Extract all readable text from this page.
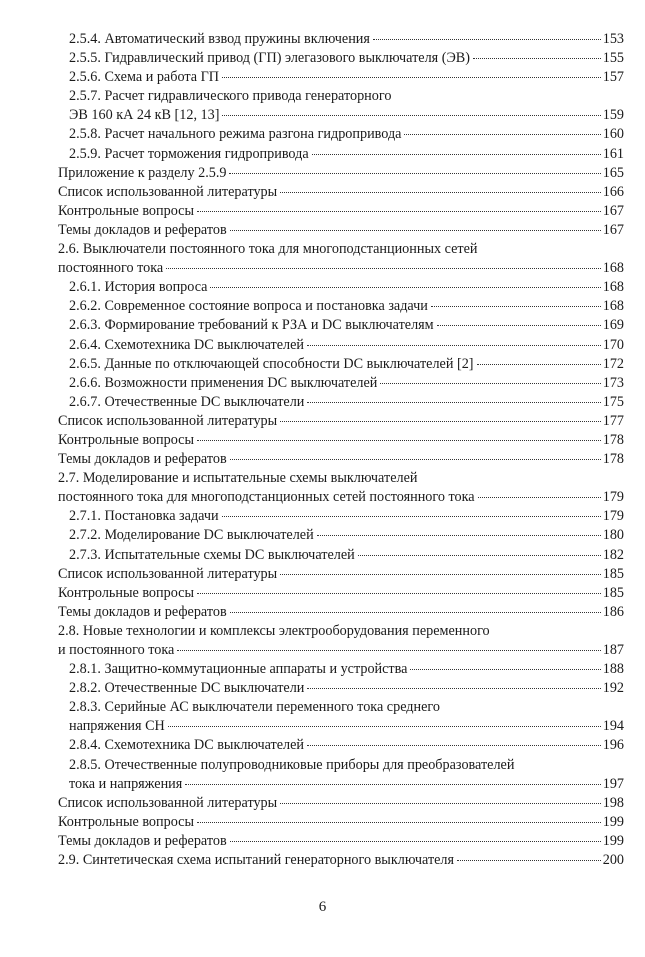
2.5.4. Автоматический взвод пружины включения	153
2.5.5. Гидравлический привод (ГП) элегазового выключателя (ЭВ)	155
2.5.6. Схема и работа ГП	157
2.5.7. Расчет гидравлического привода генераторного
ЭВ 160 кА 24 кВ [12, 13]	159
2.5.8. Расчет начального режима разгона гидропривода	160
2.5.9. Расчет торможения гидропривода	161
Приложение к разделу 2.5.9	165
Список использованной литературы	166
Контрольные вопросы	167
Темы докладов и рефератов	167
2.6. Выключатели постоянного тока для многоподстанционных сетей
постоянного тока	168
2.6.1. История вопроса	168
2.6.2. Современное состояние вопроса и постановка задачи	168
2.6.3. Формирование требований к РЗА и DC выключателям	169
2.6.4. Схемотехника DC выключателей	170
2.6.5. Данные по отключающей способности DC выключателей [2]	172
2.6.6. Возможности применения DC выключателей	173
2.6.7. Отечественные DC выключатели	175
Список использованной литературы	177
Контрольные вопросы	178
Темы докладов и рефератов	178
2.7. Моделирование и испытательные схемы выключателей
постоянного тока для многоподстанционных сетей постоянного тока	179
2.7.1. Постановка задачи	179
2.7.2. Моделирование DC выключателей	180
2.7.3. Испытательные схемы DC выключателей	182
Список использованной литературы	185
Контрольные вопросы	185
Темы докладов и рефератов	186
2.8. Новые технологии и комплексы электрооборудования переменного
и постоянного тока	187
2.8.1. Защитно-коммутационные аппараты и устройства	188
2.8.2. Отечественные DC выключатели	192
2.8.3. Серийные АС выключатели переменного тока среднего
напряжения СН	194
2.8.4. Схемотехника DC выключателей	196
2.8.5. Отечественные полупроводниковые приборы для преобразователей
тока и напряжения	197
Список использованной литературы	198
Контрольные вопросы	199
Темы докладов и рефератов	199
2.9. Синтетическая схема испытаний генераторного выключателя	200
6
